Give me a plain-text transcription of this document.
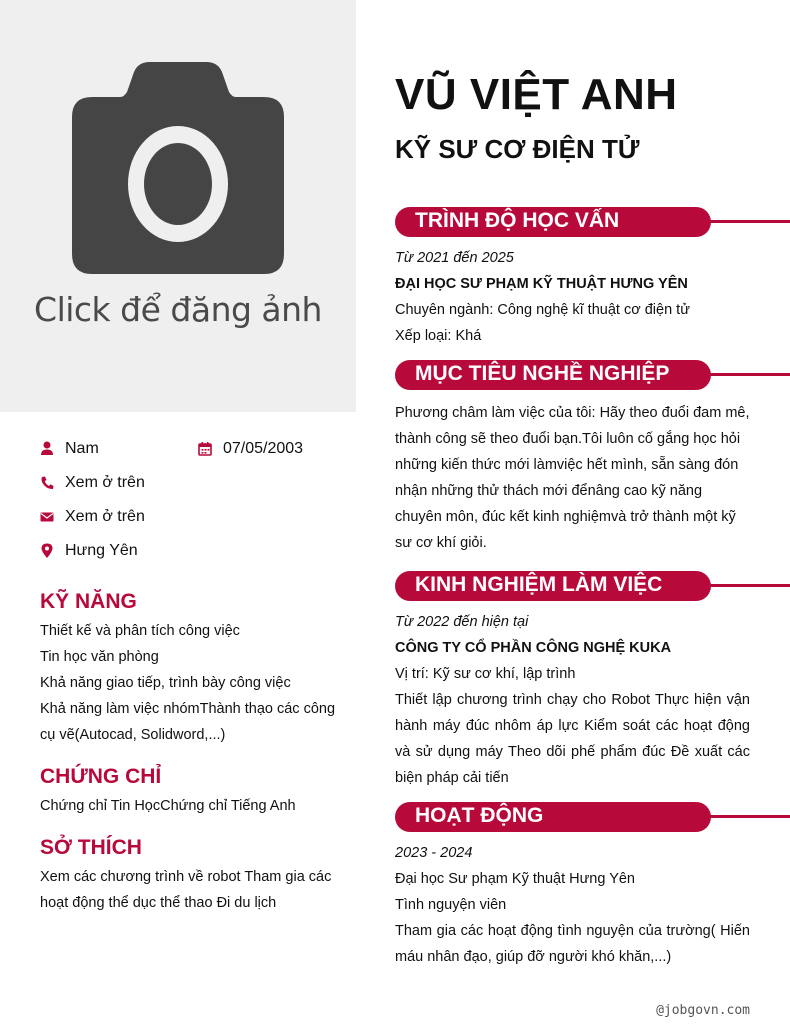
Click để đăng ảnh
Nam	07/05/2003
Xem ở trên
Xem ở trên
Hưng Yên
KỸ NĂNG
Thiết kế và phân tích công việc
Tin học văn phòng
Khả năng giao tiếp, trình bày công việc
Khả năng làm việc nhómThành thạo các công cụ vẽ(Autocad, Solidword,...)
CHỨNG CHỈ
Chứng chỉ Tin HọcChứng chỉ Tiếng Anh
SỞ THÍCH
Xem các chương trình về robot Tham gia các hoạt động thể dục thể thao Đi du lịch
VŨ VIỆT ANH
KỸ SƯ CƠ ĐIỆN TỬ
TRÌNH ĐỘ HỌC VẤN
Từ 2021 đến 2025
ĐẠI HỌC SƯ PHẠM KỸ THUẬT HƯNG YÊN
Chuyên ngành: Công nghệ kĩ thuật cơ điện tử
Xếp loại: Khá
MỤC TIÊU NGHỀ NGHIỆP
Phương châm làm việc của tôi: Hãy theo đuổi đam mê, thành công sẽ theo đuổi bạn.Tôi luôn cố gắng học hỏi những kiến thức mới làmviệc hết mình, sẵn sàng đón nhận những thử thách mới đểnâng cao kỹ năng chuyên môn, đúc kết kinh nghiệmvà trở thành một kỹ sư cơ khí giỏi.
KINH NGHIỆM LÀM VIỆC
Từ 2022 đến hiện tại
CÔNG TY CỔ PHẦN CÔNG NGHỆ KUKA
Vị trí: Kỹ sư cơ khí, lập trình
Thiết lập chương trình chạy cho Robot Thực hiện vận hành máy đúc nhôm áp lực Kiểm soát các hoạt động và sử dụng máy Theo dõi phế phẩm đúc Đề xuất các biện pháp cải tiến
HOẠT ĐỘNG
2023 - 2024
Đại học Sư phạm Kỹ thuật Hưng Yên
Tình nguyện viên
Tham gia các hoạt động tình nguyện của trường( Hiến máu nhân đạo, giúp đỡ người khó khăn,...)
@jobgovn.com
